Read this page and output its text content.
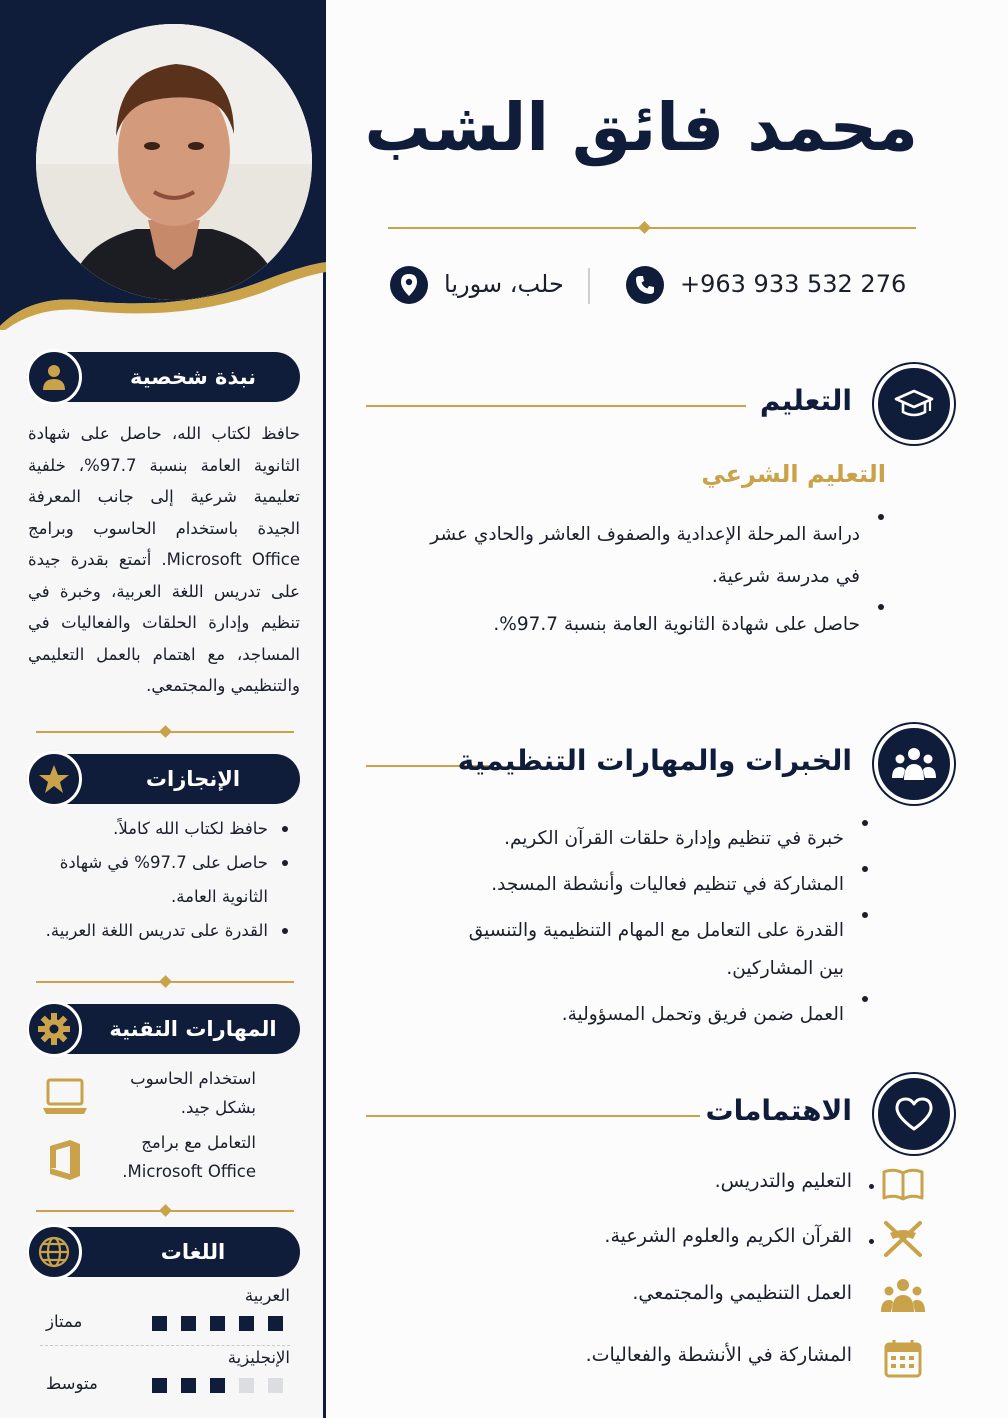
نبذة شخصية

حافظ لكتاب الله، حاصل على شهادة الثانوية العامة بنسبة 97.7%، خلفية تعليمية شرعية إلى جانب المعرفة الجيدة باستخدام الحاسوب وبرامج Microsoft Office. أتمتع بقدرة جيدة على تدريس اللغة العربية، وخبرة في تنظيم وإدارة الحلقات والفعاليات في المساجد، مع اهتمام بالعمل التعليمي والتنظيمي والمجتمعي.

الإنجازات
حافظ لكتاب الله كاملاً.
حاصل على 97.7% في شهادة الثانوية العامة.
القدرة على تدريس اللغة العربية.
المهارات التقنية
استخدام الحاسوب بشكل جيد.
التعامل مع برامج Microsoft Office.
اللغات
العربية
ممتاز
الإنجليزية
متوسط
محمد فائق الشب
+963 933 532 276
حلب، سوريا
التعليم
التعليم الشرعي
دراسة المرحلة الإعدادية والصفوف العاشر والحادي عشر في مدرسة شرعية.
حاصل على شهادة الثانوية العامة بنسبة 97.7%.
الخبرات والمهارات التنظيمية
خبرة في تنظيم وإدارة حلقات القرآن الكريم.
المشاركة في تنظيم فعاليات وأنشطة المسجد.
القدرة على التعامل مع المهام التنظيمية والتنسيق بين المشاركين.
العمل ضمن فريق وتحمل المسؤولية.
الاهتمامات
التعليم والتدريس.
القرآن الكريم والعلوم الشرعية.
العمل التنظيمي والمجتمعي.
المشاركة في الأنشطة والفعاليات.
